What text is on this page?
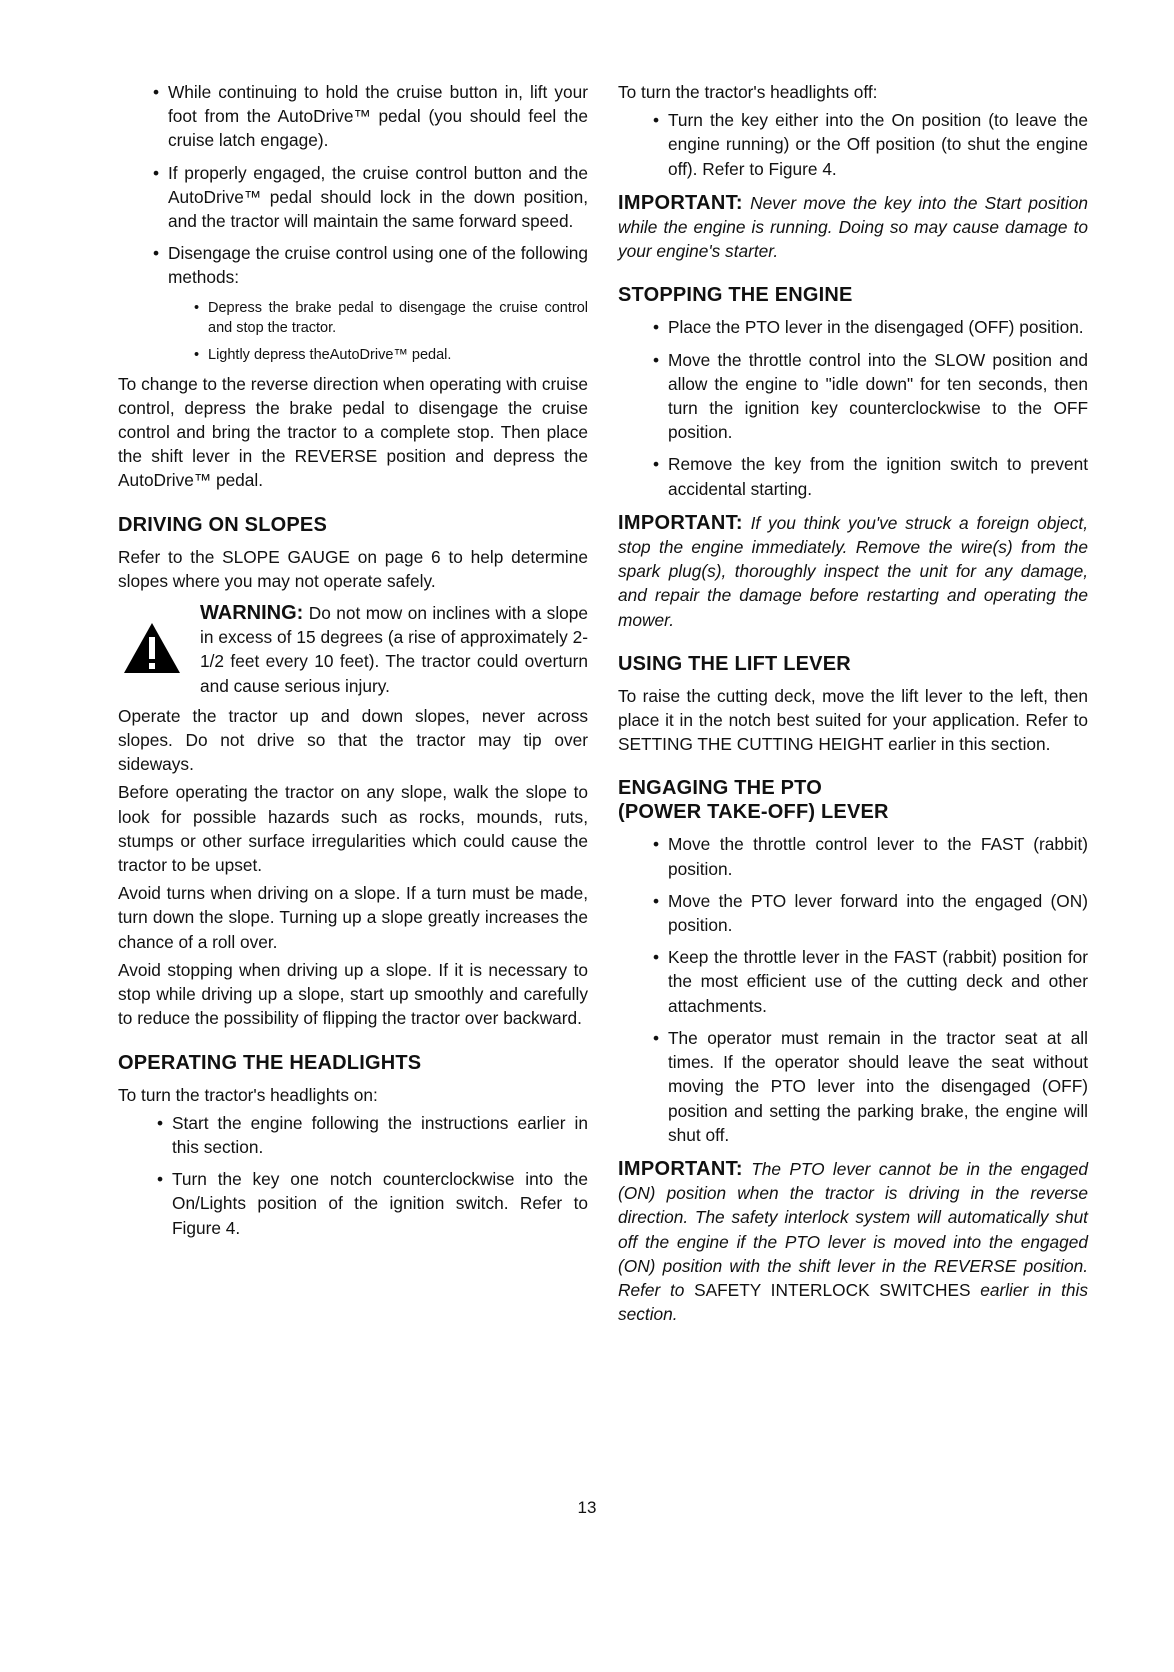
• While continuing to hold the cruise button in, lift your foot from the AutoDrive™ pedal (you should feel the cruise latch engage).
• If properly engaged, the cruise control button and the AutoDrive™ pedal should lock in the down position, and the tractor will maintain the same forward speed.
• Disengage the cruise control using one of the following methods:
• Depress the brake pedal to disengage the cruise control and stop the tractor.
• Lightly depress theAutoDrive™ pedal.

To change to the reverse direction when operating with cruise control, depress the brake pedal to disengage the cruise control and bring the tractor to a complete stop. Then place the shift lever in the REVERSE position and depress the AutoDrive™ pedal.

DRIVING ON SLOPES

Refer to the SLOPE GAUGE on page 6 to help determine slopes where you may not operate safely.

WARNING: Do not mow on inclines with a slope in excess of 15 degrees (a rise of approximately 2-1/2 feet every 10 feet). The tractor could overturn and cause serious injury.

Operate the tractor up and down slopes, never across slopes. Do not drive so that the tractor may tip over sideways.

Before operating the tractor on any slope, walk the slope to look for possible hazards such as rocks, mounds, ruts, stumps or other surface irregularities which could cause the tractor to be upset.

Avoid turns when driving on a slope. If a turn must be made, turn down the slope. Turning up a slope greatly increases the chance of a roll over.

Avoid stopping when driving up a slope. If it is necessary to stop while driving up a slope, start up smoothly and carefully to reduce the possibility of flipping the tractor over backward.

OPERATING THE HEADLIGHTS

To turn the tractor's headlights on:

• Start the engine following the instructions earlier in this section.
• Turn the key one notch counterclockwise into the On/Lights position of the ignition switch. Refer to Figure 4.

To turn the tractor's headlights off:

• Turn the key either into the On position (to leave the engine running) or the Off position (to shut the engine off). Refer to Figure 4.

IMPORTANT: Never move the key into the Start position while the engine is running. Doing so may cause damage to your engine's starter.

STOPPING THE ENGINE
• Place the PTO lever in the disengaged (OFF) position.
• Move the throttle control into the SLOW position and allow the engine to "idle down" for ten seconds, then turn the ignition key counterclockwise to the OFF position.
• Remove the key from the ignition switch to prevent accidental starting.

IMPORTANT: If you think you've struck a foreign object, stop the engine immediately. Remove the wire(s) from the spark plug(s), thoroughly inspect the unit for any damage, and repair the damage before restarting and operating the mower.

USING THE LIFT LEVER

To raise the cutting deck, move the lift lever to the left, then place it in the notch best suited for your application. Refer to SETTING THE CUTTING HEIGHT earlier in this section.

ENGAGING THE PTO
(POWER TAKE-OFF) LEVER
• Move the throttle control lever to the FAST (rabbit) position.
• Move the PTO lever forward into the engaged (ON) position.
• Keep the throttle lever in the FAST (rabbit) position for the most efficient use of the cutting deck and other attachments.
• The operator must remain in the tractor seat at all times. If the operator should leave the seat without moving the PTO lever into the disengaged (OFF) position and setting the parking brake, the engine will shut off.

IMPORTANT: The PTO lever cannot be in the engaged (ON) position when the tractor is driving in the reverse direction. The safety interlock system will automatically shut off the engine if the PTO lever is moved into the engaged (ON) position with the shift lever in the REVERSE position. Refer to SAFETY INTERLOCK SWITCHES earlier in this section.

13
